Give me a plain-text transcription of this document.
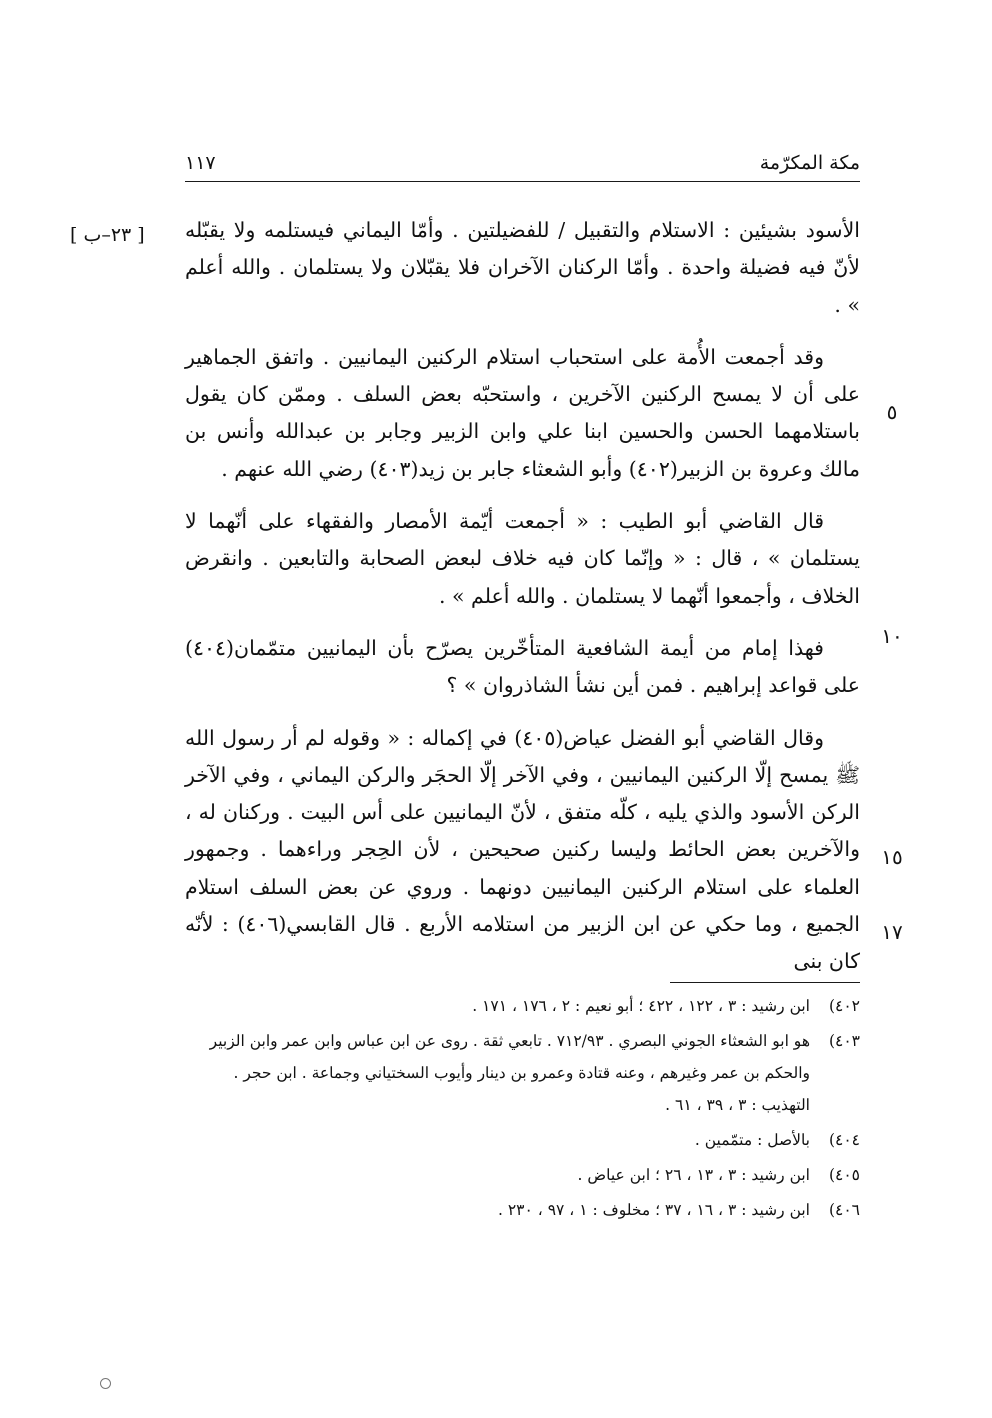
مكة المكرّمة
١١٧
[ ٢٣–ب ]
٥
١٠
١٥
١٧

الأسود بشيئين : الاستلام والتقبيل / للفضيلتين . وأمّا اليماني فيستلمه ولا يقبّله لأنّ فيه فضيلة واحدة . وأمّا الركنان الآخران فلا يقبّلان ولا يستلمان . والله أعلم » .

وقد أجمعت الأُمة على استحباب استلام الركنين اليمانيين . واتفق الجماهير على أن لا يمسح الركنين الآخرين ، واستحبّه بعض السلف . وممّن كان يقول باستلامهما الحسن والحسين ابنا علي وابن الزبير وجابر بن عبدالله وأنس بن مالك وعروة بن الزبير(٤٠٢) وأبو الشعثاء جابر بن زيد(٤٠٣) رضي الله عنهم .

قال القاضي أبو الطيب : « أجمعت أيّمة الأمصار والفقهاء على أنّهما لا يستلمان » ، قال : « وإنّما كان فيه خلاف لبعض الصحابة والتابعين . وانقرض الخلاف ، وأجمعوا أنّهما لا يستلمان . والله أعلم » .

فهذا إمام من أيمة الشافعية المتأخّرين يصرّح بأن اليمانيين متمّمان(٤٠٤) على قواعد إبراهيم . فمن أين نشأ الشاذروان » ؟

وقال القاضي أبو الفضل عياض(٤٠٥) في إكماله : « وقوله لم أر رسول الله ﷺ يمسح إلّا الركنين اليمانيين ، وفي الآخر إلّا الحجَر والركن اليماني ، وفي الآخر الركن الأسود والذي يليه ، كلّه متفق ، لأنّ اليمانيين على أس البيت . وركنان له ، والآخرين بعض الحائط وليسا ركنين صحيحين ، لأن الحِجر وراءهما . وجمهور العلماء على استلام الركنين اليمانيين دونهما . وروي عن بعض السلف استلام الجميع ، وما حكي عن ابن الزبير من استلامه الأربع . قال القابسي(٤٠٦) : لأنّه كان بنى

٤٠٢)
ابن رشيد : ٣ ، ١٢٢ ، ٤٢٢ ؛ أبو نعيم : ٢ ، ١٧٦ ، ١٧١ .
٤٠٣)
هو ابو الشعثاء الجوني البصري . ٧١٢/٩٣ . تابعي ثقة . روى عن ابن عباس وابن عمر وابن الزبير والحكم بن عمر وغيرهم ، وعنه قتادة وعمرو بن دينار وأيوب السختياني وجماعة . ابن حجر . التهذيب : ٣ ، ٣٩ ، ٦١ .
٤٠٤)
بالأصل : متمّمين .
٤٠٥)
ابن رشيد : ٣ ، ١٣ ، ٢٦ ؛ ابن عياض .
٤٠٦)
ابن رشيد : ٣ ، ١٦ ، ٣٧ ؛ مخلوف : ١ ، ٩٧ ، ٢٣٠ .
